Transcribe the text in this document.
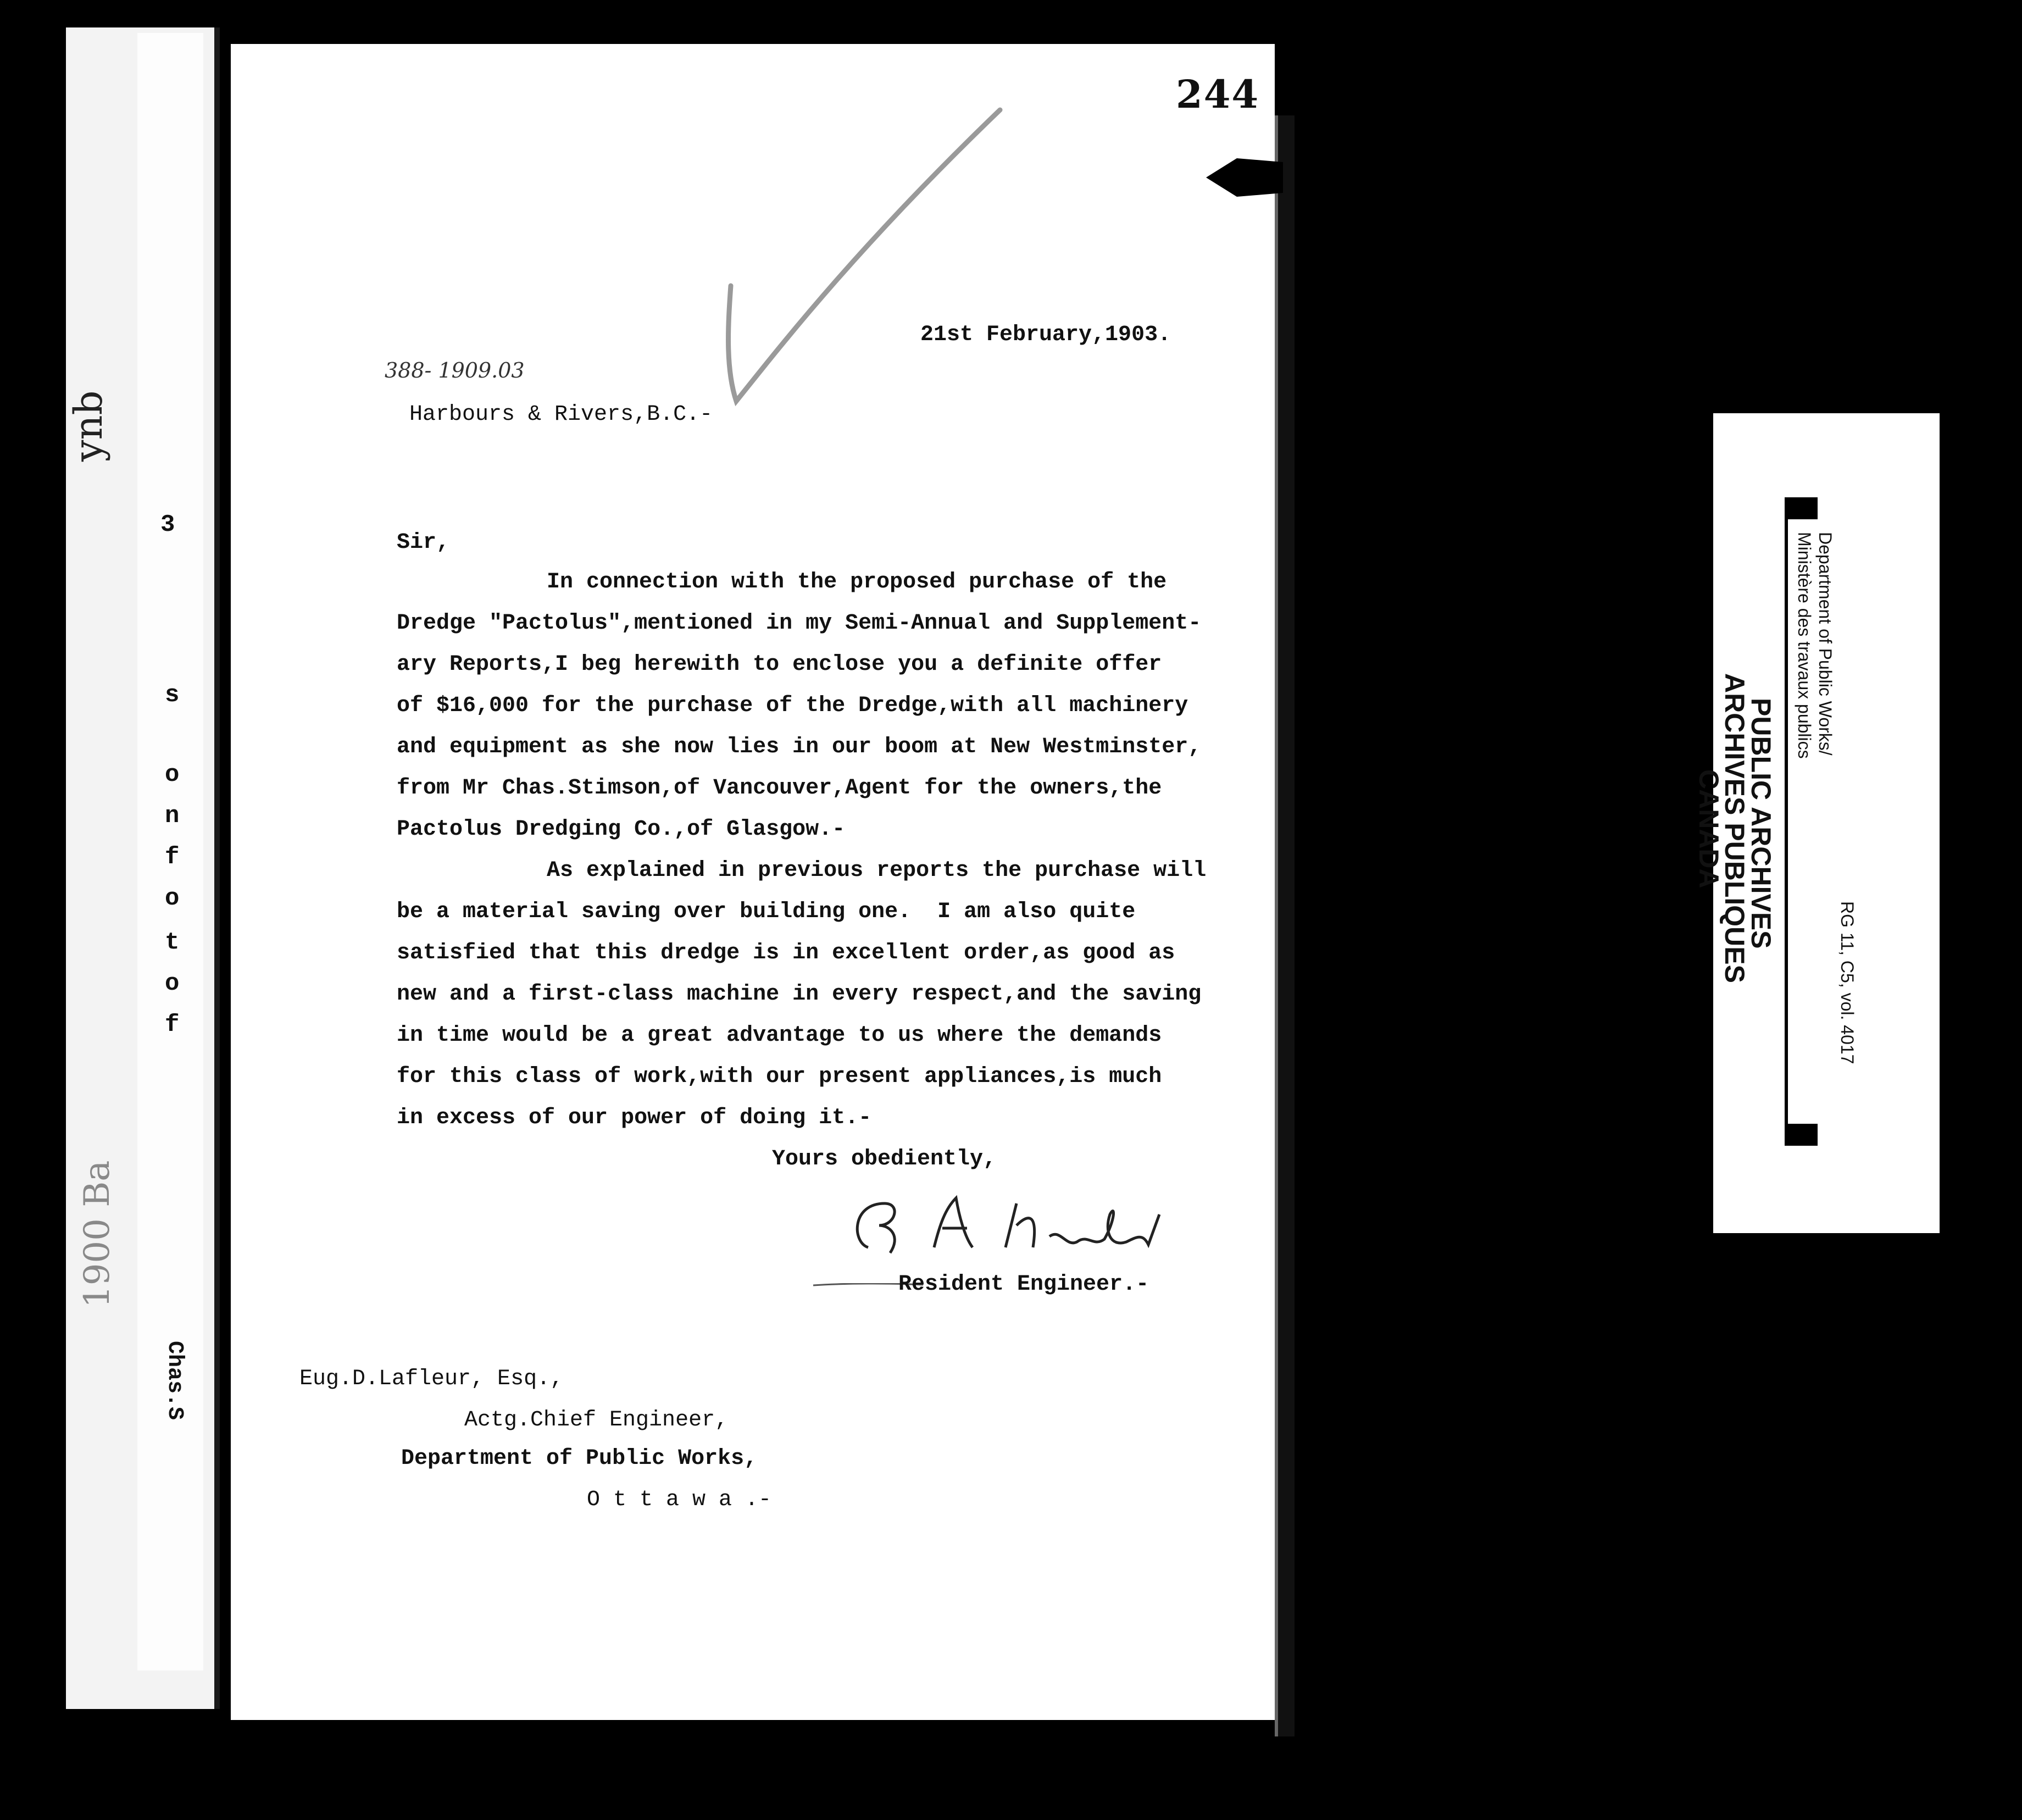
ynb
1900 Ba
3
s
o
n
f
o
t
o
f
Chas.S
244
21st February,1903.
388- 1909.03
Harbours & Rivers,B.C.-
Sir,
In connection with the proposed purchase of the
Dredge "Pactolus",mentioned in my Semi-Annual and Supplement-
ary Reports,I beg herewith to enclose you a definite offer
of $16,000 for the purchase of the Dredge,with all machinery
and equipment as she now lies in our boom at New Westminster,
from Mr Chas.Stimson,of Vancouver,Agent for the owners,the
Pactolus Dredging Co.,of Glasgow.-
As explained in previous reports the purchase will
be a material saving over building one.  I am also quite
satisfied that this dredge is in excellent order,as good as
new and a first-class machine in every respect,and the saving
in time would be a great advantage to us where the demands
for this class of work,with our present appliances,is much
in excess of our power of doing it.-
Yours obediently,
Resident Engineer.-
Eug.D.Lafleur, Esq.,
Actg.Chief Engineer,
Department of Public Works,
O t t a w a .-
PUBLIC ARCHIVES
ARCHIVES PUBLIQUES
CANADA
Department of Public Works/
Ministère des travaux publics
RG 11, C5, vol. 4017
